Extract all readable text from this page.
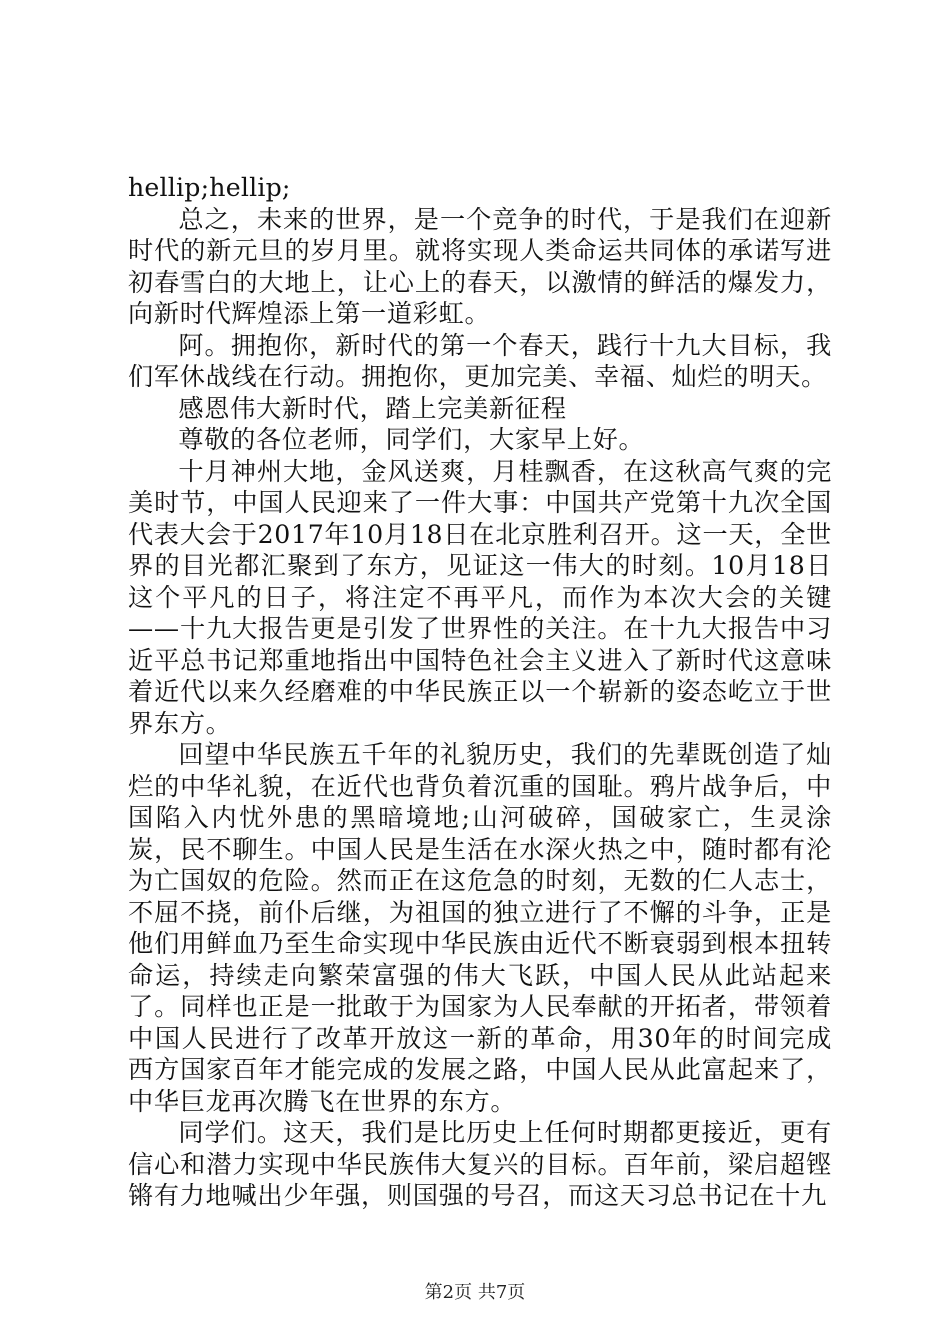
hellip;hellip;

总之，未来的世界，是一个竞争的时代，于是我们在迎新时代的新元旦的岁月里。就将实现人类命运共同体的承诺写进初春雪白的大地上，让心上的春天，以激情的鲜活的爆发力，向新时代辉煌添上第一道彩虹。

阿。拥抱你，新时代的第一个春天，践行十九大目标，我们军休战线在行动。拥抱你，更加完美、幸福、灿烂的明天。

感恩伟大新时代，踏上完美新征程

尊敬的各位老师，同学们，大家早上好。

十月神州大地，金风送爽，月桂飘香，在这秋高气爽的完美时节，中国人民迎来了一件大事：中国共产党第十九次全国代表大会于2017年10月18日在北京胜利召开。这一天，全世界的目光都汇聚到了东方，见证这一伟大的时刻。10月18日这个平凡的日子，将注定不再平凡，而作为本次大会的关键——十九大报告更是引发了世界性的关注。在十九大报告中习近平总书记郑重地指出中国特色社会主义进入了新时代这意味着近代以来久经磨难的中华民族正以一个崭新的姿态屹立于世界东方。

回望中华民族五千年的礼貌历史，我们的先辈既创造了灿烂的中华礼貌，在近代也背负着沉重的国耻。鸦片战争后，中国陷入内忧外患的黑暗境地;山河破碎，国破家亡，生灵涂炭，民不聊生。中国人民是生活在水深火热之中，随时都有沦为亡国奴的危险。然而正在这危急的时刻，无数的仁人志士，不屈不挠，前仆后继，为祖国的独立进行了不懈的斗争，正是他们用鲜血乃至生命实现中华民族由近代不断衰弱到根本扭转命运，持续走向繁荣富强的伟大飞跃，中国人民从此站起来了。同样也正是一批敢于为国家为人民奉献的开拓者，带领着中国人民进行了改革开放这一新的革命，用30年的时间完成西方国家百年才能完成的发展之路，中国人民从此富起来了，中华巨龙再次腾飞在世界的东方。

同学们。这天，我们是比历史上任何时期都更接近，更有信心和潜力实现中华民族伟大复兴的目标。百年前，梁启超铿锵有力地喊出少年强，则国强的号召，而这天习总书记在十九

第2页 共7页
